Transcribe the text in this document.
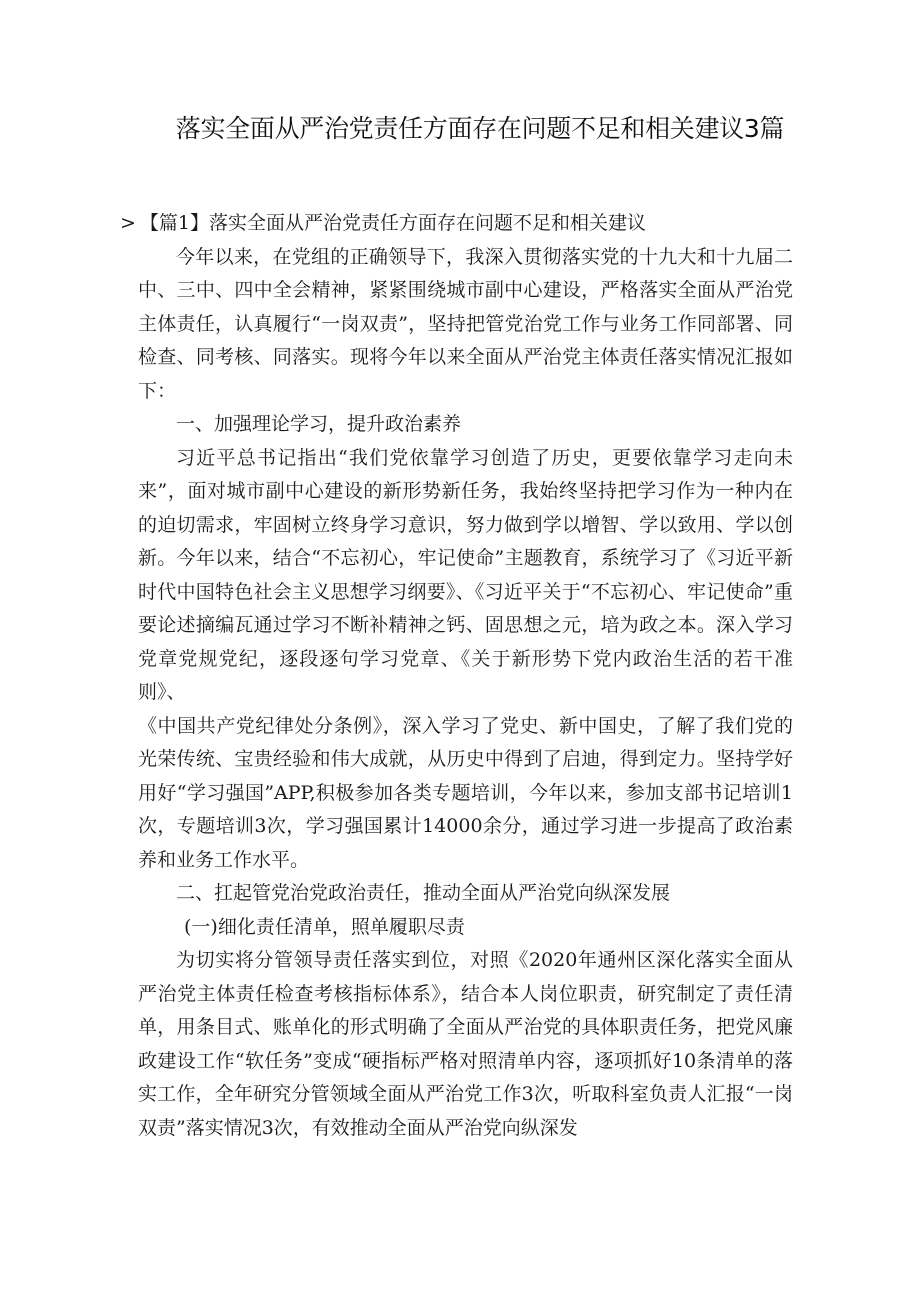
落实全面从严治党责任方面存在问题不足和相关建议3篇

> 【篇1】落实全面从严治党责任方面存在问题不足和相关建议

今年以来，在党组的正确领导下，我深入贯彻落实党的十九大和十九届二中、三中、四中全会精神，紧紧围绕城市副中心建设，严格落实全面从严治党主体责任，认真履行“一岗双责”，坚持把管党治党工作与业务工作同部署、同检查、同考核、同落实。现将今年以来全面从严治党主体责任落实情况汇报如下：

一、加强理论学习，提升政治素养

习近平总书记指出“我们党依靠学习创造了历史，更要依靠学习走向未来”，面对城市副中心建设的新形势新任务，我始终坚持把学习作为一种内在的迫切需求，牢固树立终身学习意识，努力做到学以增智、学以致用、学以创新。今年以来，结合“不忘初心，牢记使命”主题教育，系统学习了《习近平新时代中国特色社会主义思想学习纲要》、《习近平关于“不忘初心、牢记使命”重要论述摘编瓦通过学习不断补精神之钙、固思想之元，培为政之本。深入学习党章党规党纪，逐段逐句学习党章、《关于新形势下党内政治生活的若干准则》、

《中国共产党纪律处分条例》，深入学习了党史、新中国史，了解了我们党的光荣传统、宝贵经验和伟大成就，从历史中得到了启迪，得到定力。坚持学好用好“学习强国”APP,积极参加各类专题培训，今年以来，参加支部书记培训1次，专题培训3次，学习强国累计14000余分，通过学习进一步提高了政治素养和业务工作水平。

二、扛起管党治党政治责任，推动全面从严治党向纵深发展

(一)细化责任清单，照单履职尽责

为切实将分管领导责任落实到位，对照《2020年通州区深化落实全面从严治党主体责任检查考核指标体系》，结合本人岗位职责，研究制定了责任清单，用条目式、账单化的形式明确了全面从严治党的具体职责任务，把党风廉政建设工作“软任务”变成“硬指标严格对照清单内容，逐项抓好10条清单的落实工作，全年研究分管领域全面从严治党工作3次，听取科室负责人汇报“一岗双责”落实情况3次，有效推动全面从严治党向纵深发
